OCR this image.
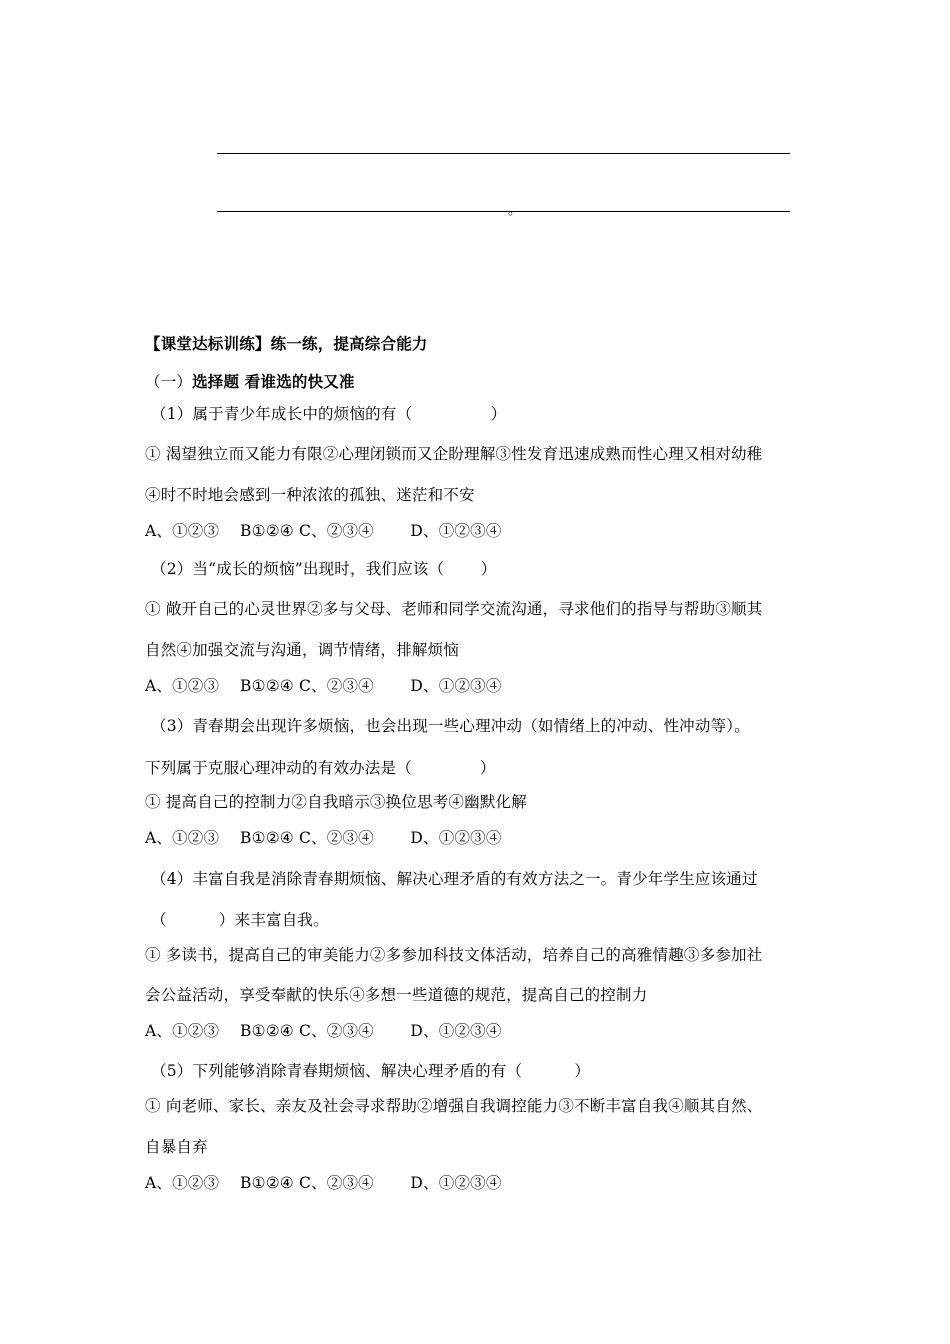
。
【课堂达标训练】练一练，提高综合能力
（一）选择题 看谁选的快又准
（1）属于青少年成长中的烦恼的有（　　　　　）
① 渴望独立而又能力有限②心理闭锁而又企盼理解③性发育迅速成熟而性心理又相对幼稚
④时不时地会感到一种浓浓的孤独、迷茫和不安
A、①②③　 B①②④ C、②③④　　 D、①②③④
（2）当“成长的烦恼”出现时，我们应该（　　 ）
① 敞开自己的心灵世界②多与父母、老师和同学交流沟通，寻求他们的指导与帮助③顺其
自然④加强交流与沟通，调节情绪，排解烦恼
A、①②③　 B①②④ C、②③④　　 D、①②③④
（3）青春期会出现许多烦恼，也会出现一些心理冲动（如情绪上的冲动、性冲动等）。
下列属于克服心理冲动的有效办法是（　　　　 ）
① 提高自己的控制力②自我暗示③换位思考④幽默化解
A、①②③　 B①②④ C、②③④　　 D、①②③④
（4）丰富自我是消除青春期烦恼、解决心理矛盾的有效方法之一。青少年学生应该通过
（　　　 ）来丰富自我。
① 多读书，提高自己的审美能力②多参加科技文体活动，培养自己的高雅情趣③多参加社
会公益活动，享受奉献的快乐④多想一些道德的规范，提高自己的控制力
A、①②③　 B①②④ C、②③④　　 D、①②③④
（5）下列能够消除青春期烦恼、解决心理矛盾的有（　　　 ）
① 向老师、家长、亲友及社会寻求帮助②增强自我调控能力③不断丰富自我④顺其自然、
自暴自弃
A、①②③　 B①②④ C、②③④　　 D、①②③④
